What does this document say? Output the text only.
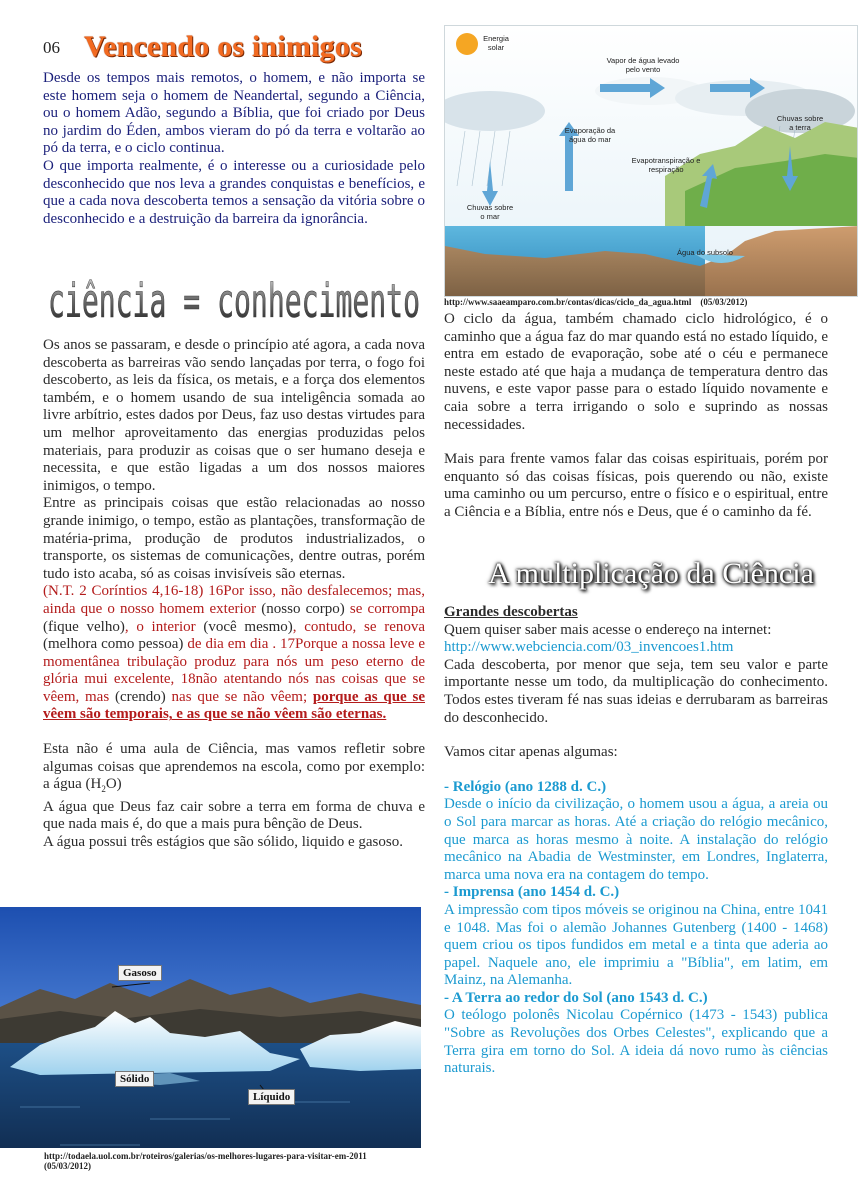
06 Vencendo os inimigos

Desde os tempos mais remotos, o homem, e não importa se este homem seja o homem de Neandertal, segundo a Ciência, ou o homem Adão, segundo a Bíblia, que foi criado por Deus no jardim do Éden, ambos vieram do pó da terra e voltarão ao pó da terra, e o ciclo continua.

O que importa realmente, é o interesse ou a curiosidade pelo desconhecido que nos leva a grandes conquistas e benefícios, e que a cada nova descoberta temos a sensação da vitória sobre o desconhecido e a destruição da barreira da ignorância.

ciência = conhecimento

Os anos se passaram, e desde o princípio até agora, a cada nova descoberta as barreiras vão sendo lançadas por terra, o fogo foi descoberto, as leis da física, os metais, e a força dos elementos também, e o homem usando de sua inteligência somada ao livre arbítrio, estes dados por Deus, faz uso destas virtudes para um melhor aproveitamento das energias produzidas pelos materiais, para produzir as coisas que o ser humano deseja e necessita, e que estão ligadas a um dos nossos maiores inimigos, o tempo.

Entre as principais coisas que estão relacionadas ao nosso grande inimigo, o tempo, estão as plantações, transformação de matéria-prima, produção de produtos industrializados, o transporte, os sistemas de comunicações, dentre outras, porém tudo isto acaba, só as coisas invisíveis são eternas.

(N.T. 2 Coríntios 4,16-18) 16Por isso, não desfalecemos; mas, ainda que o nosso homem exterior (nosso corpo) se corrompa (fique velho), o interior (você mesmo), contudo, se renova (melhora como pessoa) de dia em dia . 17Porque a nossa leve e momentânea tribulação produz para nós um peso eterno de glória mui excelente, 18não atentando nós nas coisas que se vêem, mas (crendo) nas que se não vêem; porque as que se vêem são temporais, e as que se não vêem são eternas.

Esta não é uma aula de Ciência, mas vamos refletir sobre algumas coisas que aprendemos na escola, como por exemplo: a água $(H_2O)$

A água que Deus faz cair sobre a terra em forma de chuva e que nada mais é, do que a mais pura bênção de Deus.

A água possui três estágios que são sólido, liquido e gasoso.

Gasoso
Sólido
Líquido
http://todaela.uol.com.br/roteiros/galerias/os-melhores-lugares-para-visitar-em-2011
(05/03/2012)
Energia solar
Vapor de água levado pelo vento
Evaporação da água do mar
Evapotranspiração e respiração
Chuvas sobre a terra
Chuvas sobre o mar
Água do subsolo
http://www.saaeamparo.com.br/contas/dicas/ciclo_da_agua.html (05/03/2012)

O ciclo da água, também chamado ciclo hidrológico, é o caminho que a água faz do mar quando está no estado líquido, e entra em estado de evaporação, sobe até o céu e permanece neste estado até que haja a mudança de temperatura dentro das nuvens, e este vapor passe para o estado líquido novamente e caia sobre a terra irrigando o solo e suprindo as nossas necessidades.

Mais para frente vamos falar das coisas espirituais, porém por enquanto só das coisas físicas, pois querendo ou não, existe uma caminho ou um percurso, entre o físico e o espiritual, entre a Ciência e a Bíblia, entre nós e Deus, que é o caminho da fé.

A multiplicação da Ciência

Grandes descobertas

Quem quiser saber mais acesse o endereço na internet:

http://www.webciencia.com/03_invencoes1.htm

Cada descoberta, por menor que seja, tem seu valor e parte importante nesse um todo, da multiplicação do conhecimento. Todos estes tiveram fé nas suas ideias e derrubaram as barreiras do desconhecido.

Vamos citar apenas algumas:

- Relógio (ano 1288 d. C.)

Desde o início da civilização, o homem usou a água, a areia ou o Sol para marcar as horas. Até a criação do relógio mecânico, que marca as horas mesmo à noite. A instalação do relógio mecânico na Abadia de Westminster, em Londres, Inglaterra, marca uma nova era na contagem do tempo.

- Imprensa (ano 1454 d. C.)

A impressão com tipos móveis se originou na China, entre 1041 e 1048. Mas foi o alemão Johannes Gutenberg (1400 - 1468) quem criou os tipos fundidos em metal e a tinta que aderia ao papel. Naquele ano, ele imprimiu a "Bíblia", em latim, em Mainz, na Alemanha.

- A Terra ao redor do Sol (ano 1543 d. C.)

O teólogo polonês Nicolau Copérnico (1473 - 1543) publica "Sobre as Revoluções dos Orbes Celestes", explicando que a Terra gira em torno do Sol. A ideia dá novo rumo às ciências naturais.
